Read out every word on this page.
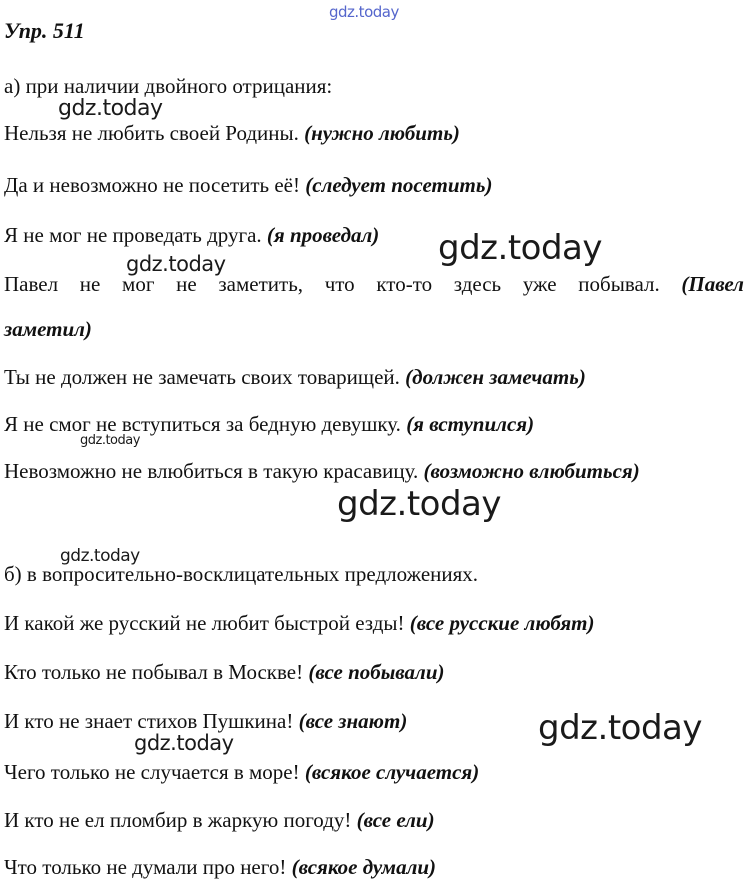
gdz.today
Упр. 511
а) при наличии двойного отрицания:
Нельзя не любить своей Родины. (нужно любить)
Да и невозможно не посетить её! (следует посетить)
Я не мог не проведать друга. (я проведал)
Павел не мог не заметить, что кто-то здесь уже побывал. (Павел
заметил)
Ты не должен не замечать своих товарищей. (должен замечать)
Я не смог не вступиться за бедную девушку. (я вступился)
Невозможно не влюбиться в такую красавицу. (возможно влюбиться)
б) в вопросительно-восклицательных предложениях.
И какой же русский не любит быстрой езды! (все русские любят)
Кто только не побывал в Москве! (все побывали)
И кто не знает стихов Пушкина! (все знают)
Чего только не случается в море! (всякое случается)
И кто не ел пломбир в жаркую погоду! (все ели)
Что только не думали про него! (всякое думали)
gdz.today
gdz.today
gdz.today
gdz.today
gdz.today
gdz.today
gdz.today
gdz.today
